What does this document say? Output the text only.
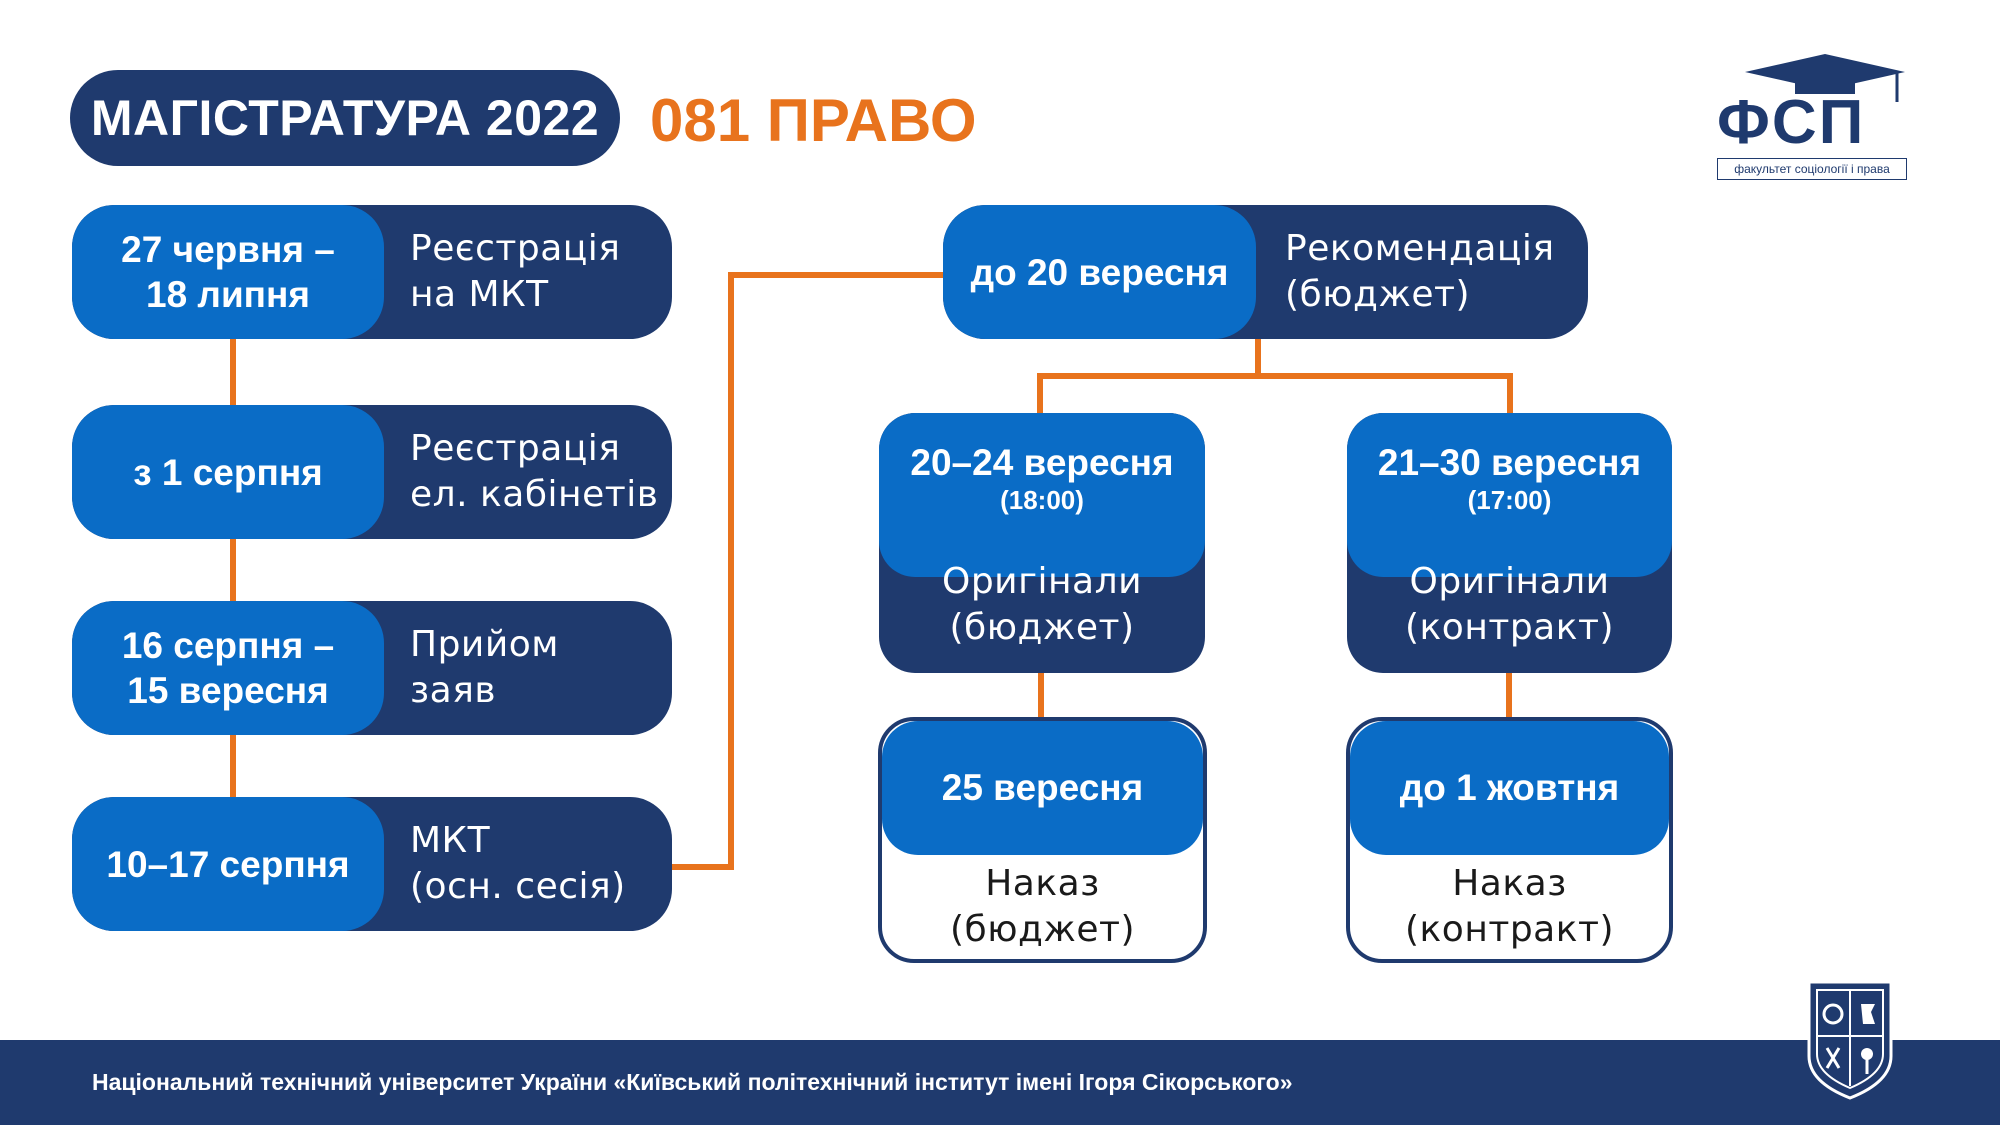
МАГІСТРАТУРА 2022 081 ПРАВО	ФСП
факультет соціології і права
27 червня –
18 липня
Реєстрація
на МКТ
з 1 серпня
Реєстрація
ел. кабінетів
16 серпня –
15 вересня
Прийом
заяв
10–17 серпня
МКТ
(осн. сесія)
до 20 вересня
Рекомендація
(бюджет)
20–24 вересня
(18:00)
Оригінали
(бюджет)
21–30 вересня
(17:00)
Оригінали
(контракт)
25 вересня
Наказ
(бюджет)
до 1 жовтня
Наказ
(контракт)
Національний технічний університет України «Київський політехнічний інститут імені Ігоря Сікорського»
